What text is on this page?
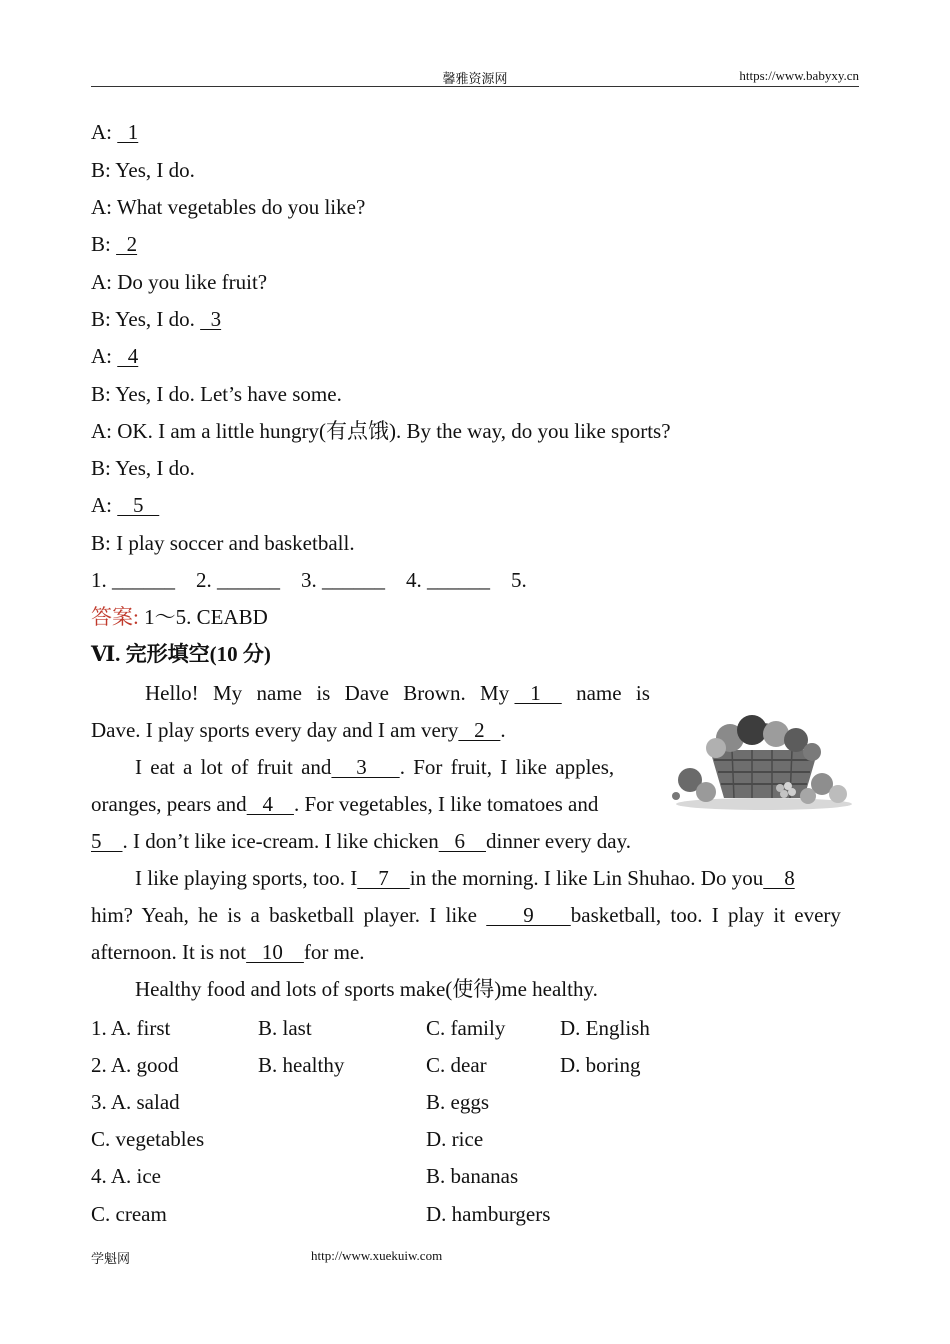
馨雅资源网	https://www.babyxy.cn
A:   1
B: Yes, I do.
A: What vegetables do you like?
B:   2
A: Do you like fruit?
B: Yes, I do.   3
A:   4
B: Yes, I do. Let’s have some.
A: OK. I am a little hungry(有点饿). By the way, do you like sports?
B: Yes, I do.
A:    5
B: I play soccer and basketball.
1. ______    2. ______    3. ______    4. ______    5.
答案: 1～5. CEABD
Ⅵ. 完形填空(10 分)
Hello! My name is Dave Brown. My    1 name is
Dave. I play sports every day and I am very   2   .
I eat a lot of fruit and   3    . For fruit, I like apples,
oranges, pears and   4    . For vegetables, I like tomatoes and
5    . I don’t like ice-cream. I like chicken   6    dinner every day.
I like playing sports, too. I    7    in the morning. I like Lin Shuhao. Do you    8
him? Yeah, he is a basketball player. I like     9    basketball, too. I play it every
afternoon. It is not   10    for me.
Healthy food and lots of sports make(使得)me healthy.
1. A. first	B. last	C. family	D. English
2. A. good	B. healthy	C. dear	D. boring
3. A. salad	B. eggs
C. vegetables	D. rice
4. A. ice	B. bananas
C. cream	D. hamburgers
学魁网	http://www.xuekuiw.com
